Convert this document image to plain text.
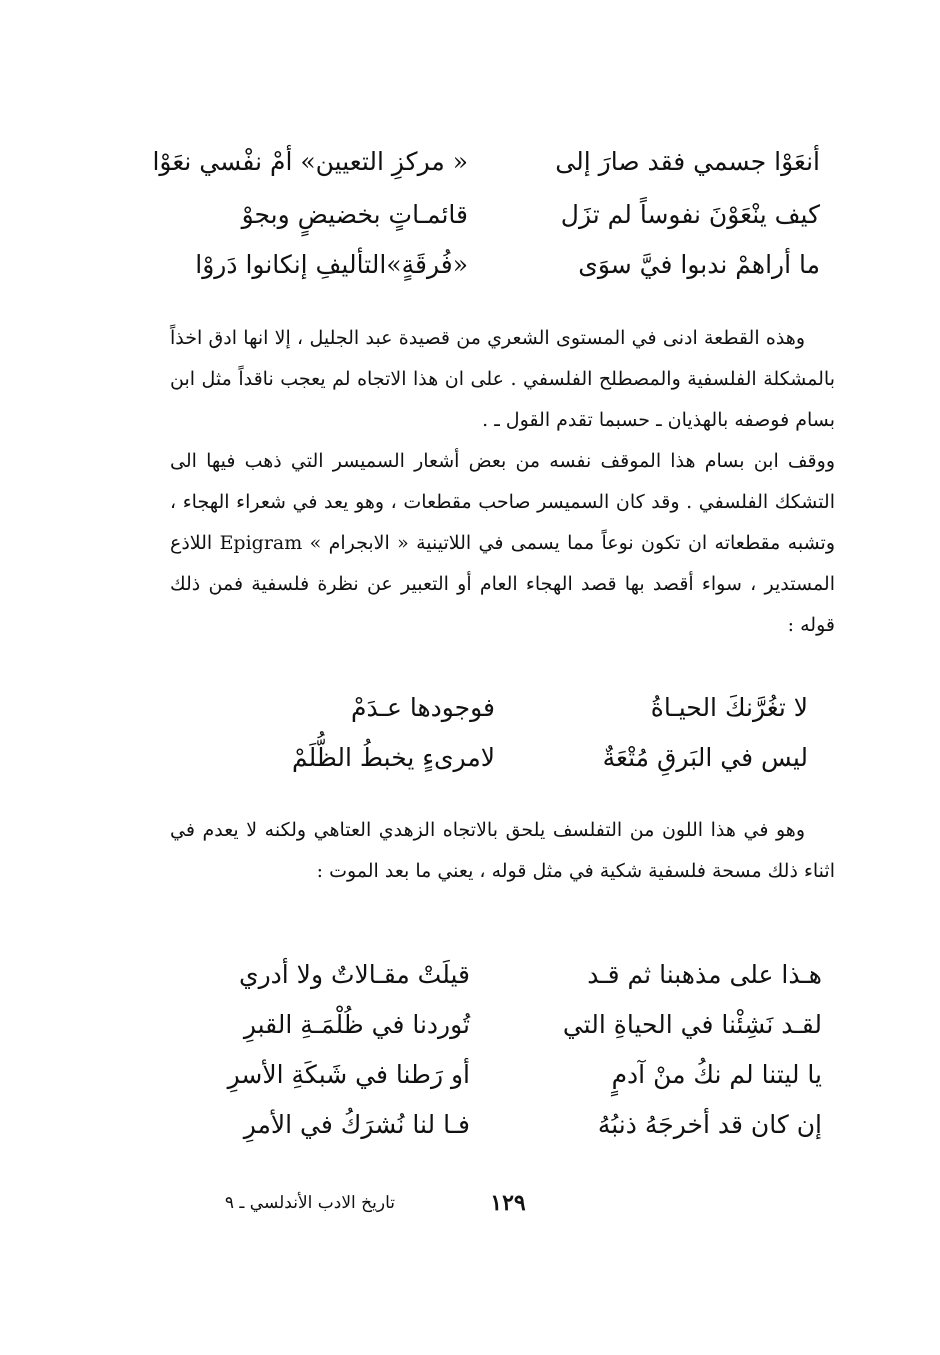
أنعَوْا جسمي فقد صارَ إلى
« مركزِ التعيين» أمْ نفْسي نعَوْا
كيف ينْعَوْنَ نفوساً لم تزَل
قائمـاتٍ بخضيضٍ وبجوْ
ما أراهمْ ندبوا فيَّ سوَى
«فُرقَةٍ»التأليفِ إنكانوا دَروْا

وهذه القطعة ادنى في المستوى الشعري من قصيدة عبد الجليل ، إلا انها ادق اخذاً بالمشكلة الفلسفية والمصطلح الفلسفي . على ان هذا الاتجاه لم يعجب ناقداً مثل ابن بسام فوصفه بالهذيان ـ حسبما تقدم القول ـ .

ووقف ابن بسام هذا الموقف نفسه من بعض أشعار السميسر التي ذهب فيها الى التشكك الفلسفي . وقد كان السميسر صاحب مقطعات ، وهو يعد في شعراء الهجاء ، وتشبه مقطعاته ان تكون نوعاً مما يسمى في اللاتينية « الابجرام » Epigram اللاذع المستدير ، سواء أقصد بها قصد الهجاء العام أو التعبير عن نظرة فلسفية فمن ذلك قوله :

لا تغُرَّنكَ الحيـاةُ
فوجودها عـدَمْ
ليس في البَرقِ مُتْعَةٌ
لامرىءٍ يخبطُ الظُّلَمْ

وهو في هذا اللون من التفلسف يلحق بالاتجاه الزهدي العتاهي ولكنه لا يعدم في اثناء ذلك مسحة فلسفية شكية في مثل قوله ، يعني ما بعد الموت :

هـذا على مذهبنا ثم قـد
قيلَتْ مقـالاتٌ ولا أدري
لقـد نَشِئْنا في الحياةِ التي
تُوردنا في ظُلْمَـةِ القبرِ
يا ليتنا لم نكُ منْ آدمٍ
أو رَطنا في شَبكَةِ الأسرِ
إن كان قد أخرجَهُ ذنبُهُ
فـا لنا نُشرَكُ في الأمرِ
١٢٩
تاريخ الادب الأندلسي ـ ٩
